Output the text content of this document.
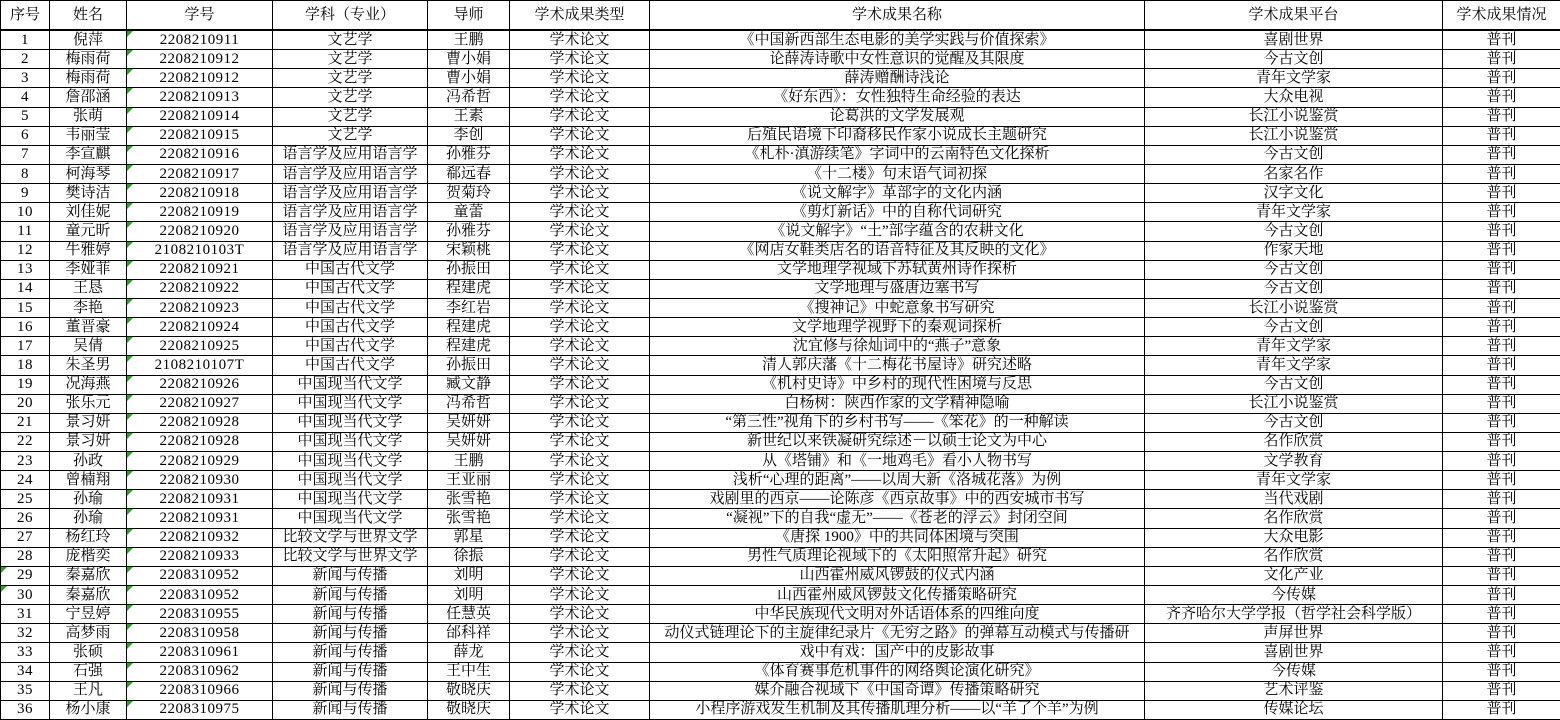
序号	姓名	学号	学科（专业）	导师	学术成果类型	学术成果名称	学术成果平台	学术成果情况
1	倪萍	2208210911	文艺学	王鹏	学术论文	《中国新西部生态电影的美学实践与价值探索》	喜剧世界	普刊
2 梅雨荷	2208210912	文艺学	曹小娟	学术论文	论薛涛诗歌中女性意识的觉醒及其限度	今古文创	普刊
3 梅雨荷	2208210912	文艺学	曹小娟	学术论文	薛涛赠酬诗浅论	青年文学家	普刊
4 詹邵涵	2208210913	文艺学	冯希哲	学术论文	《好东西》：女性独特生命经验的表达	大众电视	普刊
5	张萌	2208210914	文艺学	王素	学术论文	论葛洪的文学发展观	长江小说鉴赏	普刊
6 韦丽莹	2208210915	文艺学	李创	学术论文	后殖民语境下印裔移民作家小说成长主题研究	长江小说鉴赏	普刊
7 李宣麒	2208210916	语言学及应用语言学 孙雅芬	学术论文	《札朴·滇游续笔》字词中的云南特色文化探析	今古文创	普刊
8 柯海琴	2208210917	语言学及应用语言学 郗远春	学术论文	《十二楼》句末语气词初探	名家名作	普刊
9 樊诗洁	2208210918	语言学及应用语言学 贺菊玲	学术论文	《说文解字》革部字的文化内涵	汉字文化	普刊
10 刘佳妮	2208210919	语言学及应用语言学 童蕾	学术论文	《剪灯新话》中的自称代词研究	青年文学家	普刊
11 童元昕	2208210920	语言学及应用语言学 孙雅芬	学术论文	《说文解字》“土”部字蕴含的农耕文化	今古文创	普刊
12 牛雅婷	2108210103T	语言学及应用语言学 宋颖桃	学术论文	《网店女鞋类店名的语音特征及其反映的文化》	作家天地	普刊
13 李娅菲	2208210921	中国古代文学	孙振田	学术论文	文学地理学视域下苏轼黄州诗作探析	今古文创	普刊
14	王恳	2208210922	中国古代文学	程建虎	学术论文	文学地理与盛唐边塞书写	今古文创	普刊
15	李艳	2208210923	中国古代文学	李红岩	学术论文	《搜神记》中蛇意象书写研究	长江小说鉴赏	普刊
16 董晋豪	2208210924	中国古代文学	程建虎	学术论文	文学地理学视野下的秦观词探析	今古文创	普刊
17	吴倩	2208210925	中国古代文学	程建虎	学术论文	沈宜修与徐灿词中的“燕子”意象	青年文学家	普刊
18 朱圣男	2108210107T	中国古代文学	孙振田	学术论文	清人郭庆藩《十二梅花书屋诗》研究述略	青年文学家	普刊
19 况海燕	2208210926	中国现当代文学	臧文静	学术论文	《机村史诗》中乡村的现代性困境与反思	今古文创	普刊
20 张乐元	2208210927	中国现当代文学	冯希哲	学术论文	白杨树：陕西作家的文学精神隐喻	长江小说鉴赏	普刊
21 景习妍	2208210928	中国现当代文学	吴妍妍	学术论文	“第三性”视角下的乡村书写——《笨花》的一种解读	今古文创	普刊
22 景习妍	2208210928	中国现当代文学	吴妍妍	学术论文	新世纪以来铁凝研究综述－以硕士论文为中心	名作欣赏	普刊
23	孙政	2208210929	中国现当代文学	王鹏	学术论文	从《塔铺》和《一地鸡毛》看小人物书写	文学教育	普刊
24 曾楠翔	2208210930	中国现当代文学	王亚丽	学术论文	浅析“心理的距离”——以周大新《洛城花落》为例	青年文学家	普刊
25	孙瑜	2208210931	中国现当代文学	张雪艳	学术论文	戏剧里的西京——论陈彦《西京故事》中的西安城市书写	当代戏剧	普刊
26	孙瑜	2208210931	中国现当代文学	张雪艳	学术论文	“凝视”下的自我“虚无”——《苍老的浮云》封闭空间	名作欣赏	普刊
27 杨红玲	2208210932	比较文学与世界文学 郭星	学术论文	《唐探 1900》中的共同体困境与突围	大众电影	普刊
28 庞楷奕	2208210933	比较文学与世界文学 徐振	学术论文	男性气质理论视域下的《太阳照常升起》研究	名作欣赏	普刊
29 秦嘉欣	2208310952	新闻与传播	刘明	学术论文	山西霍州威风锣鼓的仪式内涵	文化产业	普刊
30 秦嘉欣	2208310952	新闻与传播	刘明	学术论文	山西霍州威风锣鼓文化传播策略研究	今传媒	普刊
31 宁昱婷	2208310955	新闻与传播	任慧英	学术论文	中华民族现代文明对外话语体系的四维向度	齐齐哈尔大学学报（哲学社会科学版）	普刊
32 高梦雨	2208310958	新闻与传播	邰科祥	学术论文	动仪式链理论下的主旋律纪录片《无穷之路》的弹幕互动模式与传播研	声屏世界	普刊
33	张硕	2208310961	新闻与传播	薛龙	学术论文	戏中有戏：国产中的皮影故事	喜剧世界	普刊
34	石强	2208310962	新闻与传播	王中生	学术论文	《体育赛事危机事件的网络舆论演化研究》	今传媒	普刊
35	王凡	2208310966	新闻与传播	敬晓庆	学术论文	媒介融合视域下《中国奇谭》传播策略研究	艺术评鉴	普刊
36 杨小康	2208310975	新闻与传播	敬晓庆	学术论文	小程序游戏发生机制及其传播肌理分析——以“羊了个羊”为例	传媒论坛	普刊
